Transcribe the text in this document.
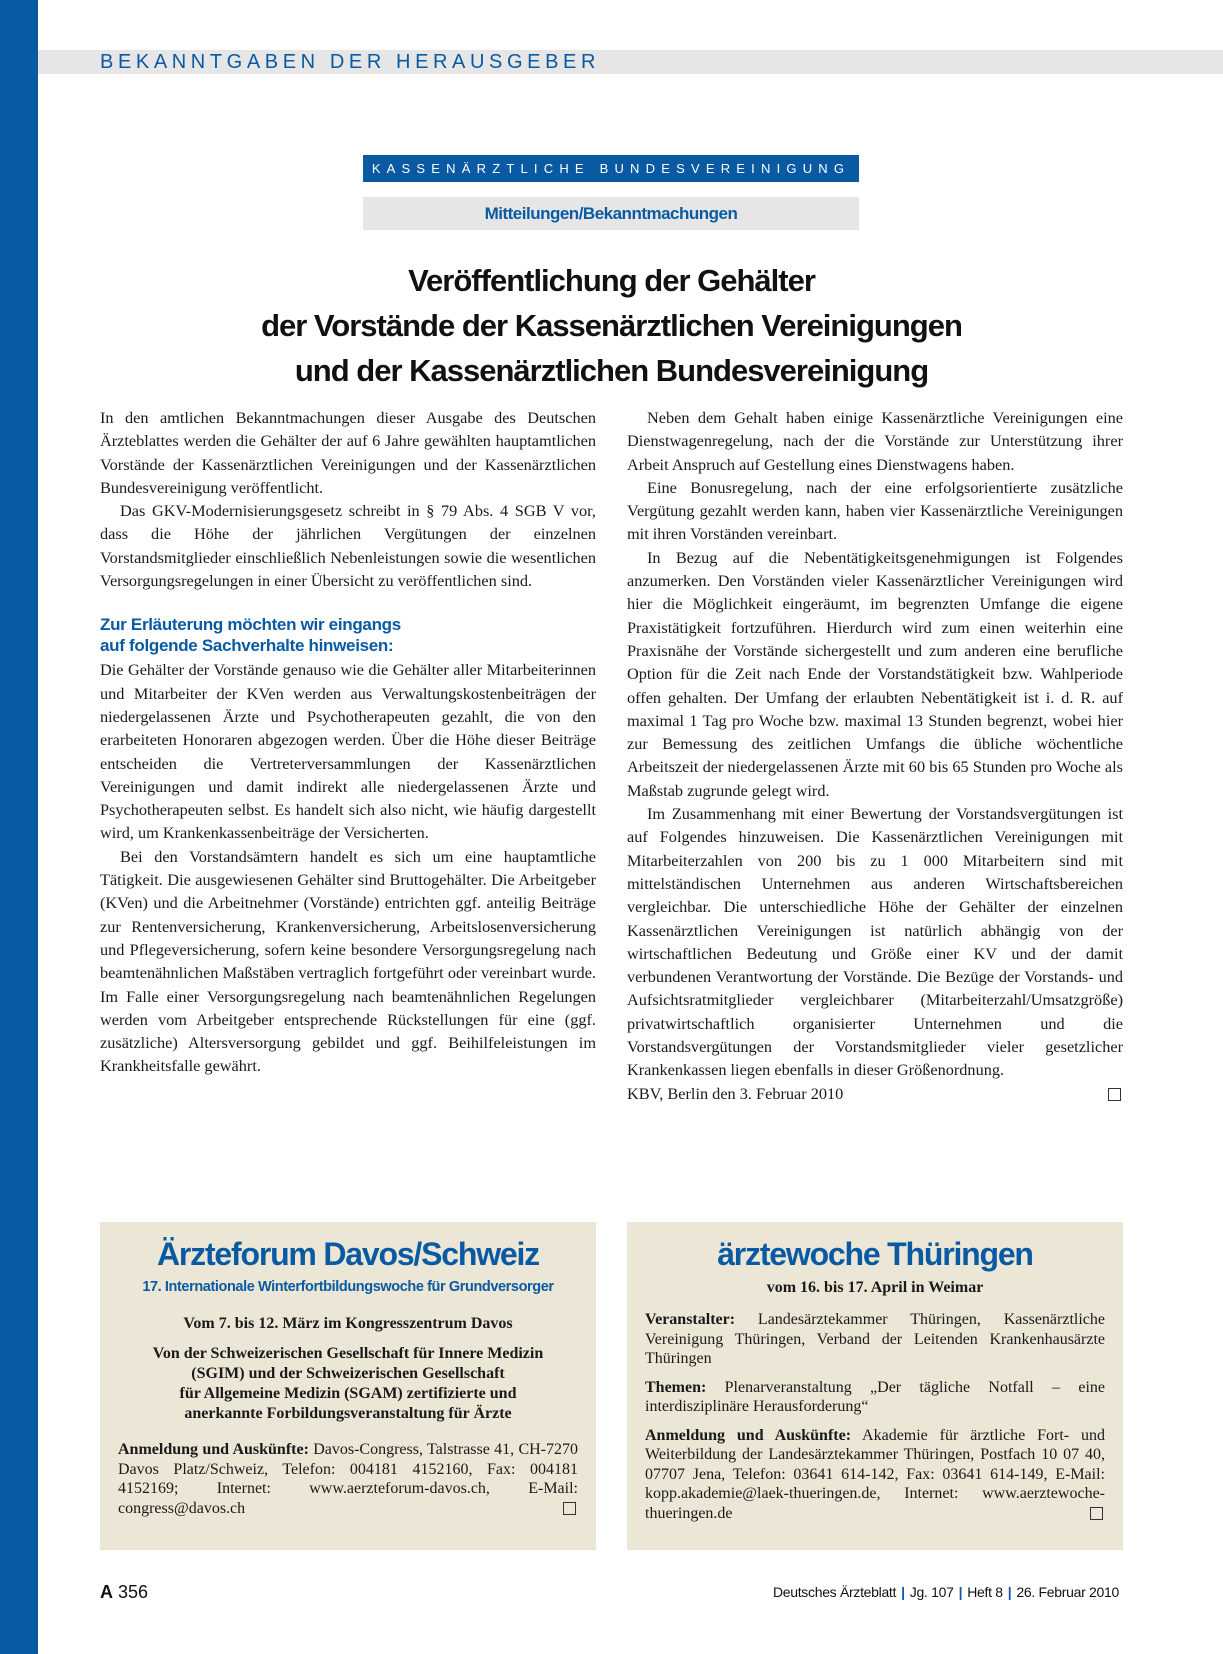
BEKANNTGABEN DER HERAUSGEBER
KASSENÄRZTLICHE BUNDESVEREINIGUNG
Mitteilungen/Bekanntmachungen
Veröffentlichung der Gehälter
der Vorstände der Kassenärztlichen Vereinigungen
und der Kassenärztlichen Bundesvereinigung

In den amtlichen Bekanntmachungen dieser Ausgabe des Deutschen Ärzteblattes werden die Gehälter der auf 6 Jahre gewählten hauptamtlichen Vorstände der Kassenärztlichen Vereinigungen und der Kassenärztlichen Bundesvereinigung veröffentlicht.

Das GKV-Modernisierungsgesetz schreibt in § 79 Abs. 4 SGB V vor, dass die Höhe der jährlichen Vergütungen der einzelnen Vorstandsmitglieder einschließlich Nebenleistungen sowie die wesentlichen Versorgungsregelungen in einer Übersicht zu veröffentlichen sind.

Zur Erläuterung möchten wir eingangs
auf folgende Sachverhalte hinweisen:

Die Gehälter der Vorstände genauso wie die Gehälter aller Mitarbeiterinnen und Mitarbeiter der KVen werden aus Verwaltungskostenbeiträgen der niedergelassenen Ärzte und Psychotherapeuten gezahlt, die von den erarbeiteten Honoraren abgezogen werden. Über die Höhe dieser Beiträge entscheiden die Vertreterversammlungen der Kassenärztlichen Vereinigungen und damit indirekt alle niedergelassenen Ärzte und Psychotherapeuten selbst. Es handelt sich also nicht, wie häufig dargestellt wird, um Krankenkassenbeiträge der Versicherten.

Bei den Vorstandsämtern handelt es sich um eine hauptamtliche Tätigkeit. Die ausgewiesenen Gehälter sind Bruttogehälter. Die Arbeitgeber (KVen) und die Arbeitnehmer (Vorstände) entrichten ggf. anteilig Beiträge zur Rentenversicherung, Krankenversicherung, Arbeitslosenversicherung und Pflegeversicherung, sofern keine besondere Versorgungsregelung nach beamtenähnlichen Maßstäben vertraglich fortgeführt oder vereinbart wurde. Im Falle einer Versorgungsregelung nach beamtenähnlichen Regelungen werden vom Arbeitgeber entsprechende Rückstellungen für eine (ggf. zusätzliche) Altersversorgung gebildet und ggf. Beihilfeleistungen im Krankheitsfalle gewährt.

Neben dem Gehalt haben einige Kassenärztliche Vereinigungen eine Dienstwagenregelung, nach der die Vorstände zur Unterstützung ihrer Arbeit Anspruch auf Gestellung eines Dienstwagens haben.

Eine Bonusregelung, nach der eine erfolgsorientierte zusätzliche Vergütung gezahlt werden kann, haben vier Kassenärztliche Vereinigungen mit ihren Vorständen vereinbart.

In Bezug auf die Nebentätigkeitsgenehmigungen ist Folgendes anzumerken. Den Vorständen vieler Kassenärztlicher Vereinigungen wird hier die Möglichkeit eingeräumt, im begrenzten Umfange die eigene Praxistätigkeit fortzuführen. Hierdurch wird zum einen weiterhin eine Praxisnähe der Vorstände sichergestellt und zum anderen eine berufliche Option für die Zeit nach Ende der Vorstandstätigkeit bzw. Wahlperiode offen gehalten. Der Umfang der erlaubten Nebentätigkeit ist i. d. R. auf maximal 1 Tag pro Woche bzw. maximal 13 Stunden begrenzt, wobei hier zur Bemessung des zeitlichen Umfangs die übliche wöchentliche Arbeitszeit der niedergelassenen Ärzte mit 60 bis 65 Stunden pro Woche als Maßstab zugrunde gelegt wird.

Im Zusammenhang mit einer Bewertung der Vorstandsvergütungen ist auf Folgendes hinzuweisen. Die Kassenärztlichen Vereinigungen mit Mitarbeiterzahlen von 200 bis zu 1 000 Mitarbeitern sind mit mittelständischen Unternehmen aus anderen Wirtschaftsbereichen vergleichbar. Die unterschiedliche Höhe der Gehälter der einzelnen Kassenärztlichen Vereinigungen ist natürlich abhängig von der wirtschaftlichen Bedeutung und Größe einer KV und der damit verbundenen Verantwortung der Vorstände. Die Bezüge der Vorstands- und Aufsichtsratmitglieder vergleichbarer (Mitarbeiterzahl/Umsatzgröße) privatwirtschaftlich organisierter Unternehmen und die Vorstandsvergütungen der Vorstandsmitglieder vieler gesetzlicher Krankenkassen liegen ebenfalls in dieser Größenordnung.

KBV, Berlin den 3. Februar 2010

Ärzteforum Davos/Schweiz
17. Internationale Winterfortbildungswoche für Grundversorger
Vom 7. bis 12. März im Kongresszentrum Davos
Von der Schweizerischen Gesellschaft für Innere Medizin
(SGIM) und der Schweizerischen Gesellschaft
für Allgemeine Medizin (SGAM) zertifizierte und
anerkannte Forbildungsveranstaltung für Ärzte
Anmeldung und Auskünfte: Davos-Congress, Talstrasse 41, CH-7270 Davos Platz/Schweiz, Telefon: 004181 4152160, Fax: 004181 4152169; Internet: www.aerzteforum-davos.ch, E-Mail: congress@davos.ch
ärztewoche Thüringen
vom 16. bis 17. April in Weimar
Veranstalter: Landesärztekammer Thüringen, Kassenärztliche Vereinigung Thüringen, Verband der Leitenden Krankenhausärzte Thüringen
Themen: Plenarveranstaltung „Der tägliche Notfall – eine interdisziplinäre Herausforderung“
Anmeldung und Auskünfte: Akademie für ärztliche Fort- und Weiterbildung der Landesärztekammer Thüringen, Postfach 10 07 40, 07707 Jena, Telefon: 03641 614-142, Fax: 03641 614-149, E-Mail: kopp.akademie@laek-thueringen.de, Internet: www.aerztewoche-thueringen.de
A 356	Deutsches Ärzteblatt | Jg. 107 | Heft 8 | 26. Februar 2010
